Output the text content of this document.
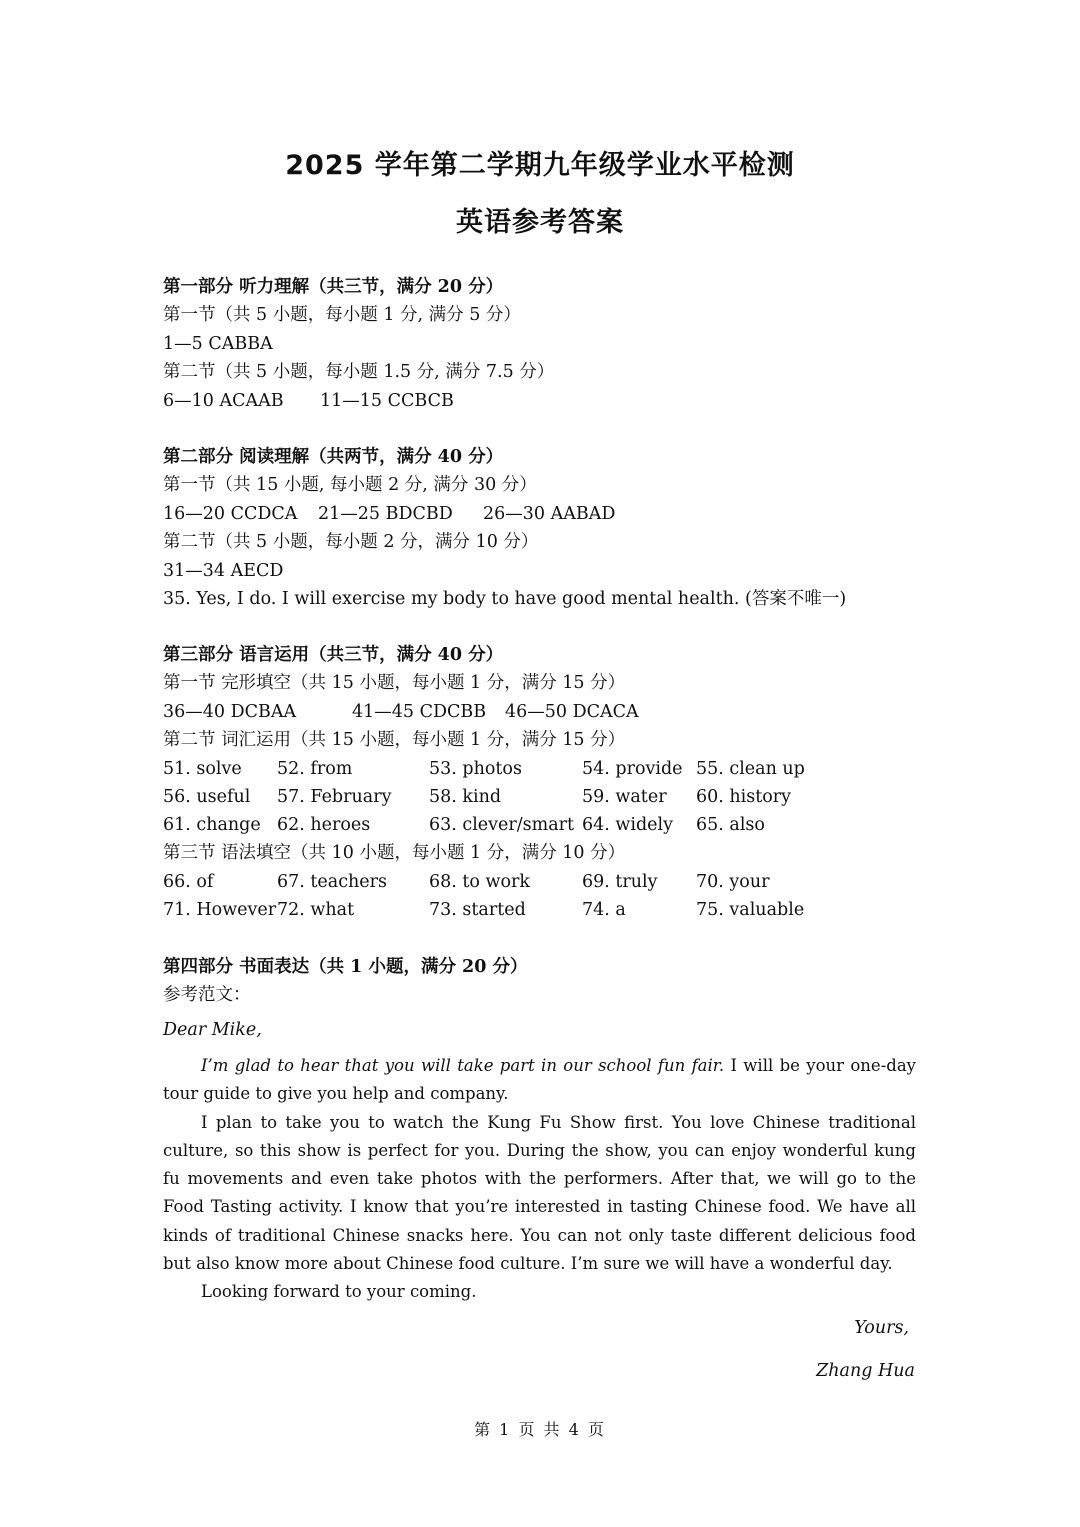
2025 学年第二学期九年级学业水平检测
英语参考答案
第一部分 听力理解（共三节，满分 20 分）
第一节（共 5 小题，每小题 1 分, 满分 5 分）
1—5 CABBA
第二节（共 5 小题，每小题 1.5 分, 满分 7.5 分）
6—10 ACAAB 11—15 CCBCB
第二部分 阅读理解（共两节，满分 40 分）
第一节（共 15 小题, 每小题 2 分, 满分 30 分）
16—20 CCDCA 21—25 BDCBD 26—30 AABAD
第二节（共 5 小题，每小题 2 分，满分 10 分）
31—34 AECD
35. Yes, I do. I will exercise my body to have good mental health. (答案不唯一)
第三部分 语言运用（共三节，满分 40 分）
第一节 完形填空（共 15 小题，每小题 1 分，满分 15 分）
36—40 DCBAA	41—45 CDCBB 46—50 DCACA
第二节 词汇运用（共 15 小题，每小题 1 分，满分 15 分）
51. solve 52. from	53. photos	54. provide 55. clean up
56. useful 57. February 58. kind	59. water 60. history
61. change 62. heroes	63. clever/smart 64. widely 65. also
第三节 语法填空（共 10 小题，每小题 1 分，满分 10 分）
66. of	67. teachers 68. to work	69. truly 70. your
71. However 72. what	73. started	74. a	75. valuable
第四部分 书面表达（共 1 小题，满分 20 分）
参考范文：
Dear Mike,

I’m glad to hear that you will take part in our school fun fair. I will be your one-day tour guide to give you help and company.

I plan to take you to watch the Kung Fu Show first. You love Chinese traditional culture, so this show is perfect for you. During the show, you can enjoy wonderful kung fu movements and even take photos with the performers. After that, we will go to the Food Tasting activity. I know that you’re interested in tasting Chinese food. We have all kinds of traditional Chinese snacks here. You can not only taste different delicious food but also know more about Chinese food culture. I’m sure we will have a wonderful day.

Looking forward to your coming.

Yours,
Zhang Hua
第 1 页 共 4 页
